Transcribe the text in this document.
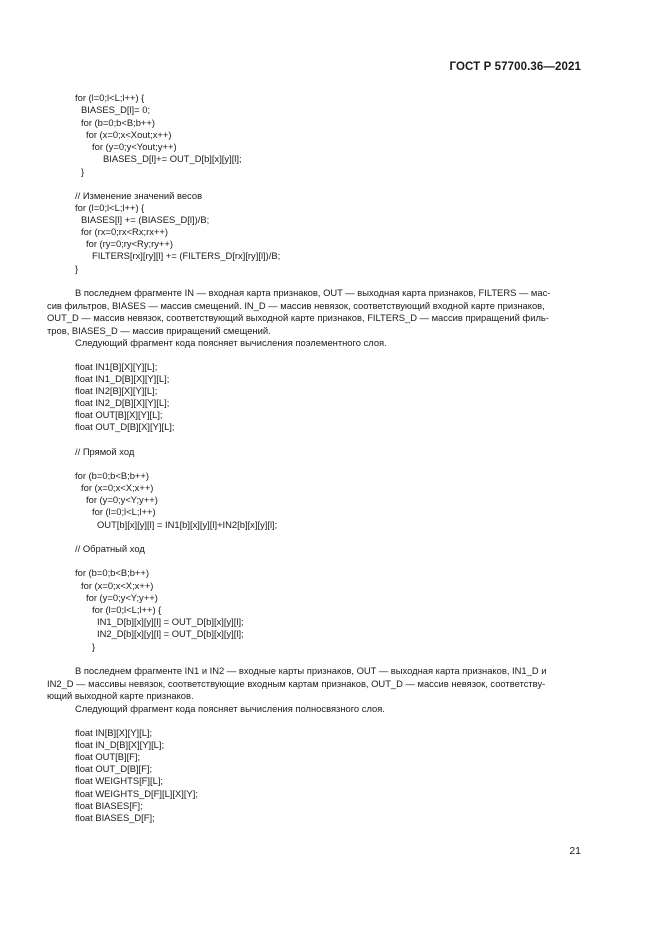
ГОСТ Р 57700.36—2021
for (l=0;l<L;l++) {
BIASES_D[l]= 0;
for (b=0;b<B;b++)
for (x=0;x<Xout;x++)
for (y=0;y<Yout;y++)
BIASES_D[l]+= OUT_D[b][x][y][l];
}
// Изменение значений весов
for (l=0;l<L;l++) {
BIASES[l] += (BIASES_D[l])/B;
for (rx=0;rx<Rx;rx++)
for (ry=0;ry<Ry;ry++)
FILTERS[rx][ry][l] += (FILTERS_D[rx][ry][l])/B;
}
В последнем фрагменте IN — входная карта признаков, OUT — выходная карта признаков, FILTERS — мас-
сив фильтров, BIASES — массив смещений. IN_D — массив невязок, соответствующий входной карте признаков,
OUT_D — массив невязок, соответствующий выходной карте признаков, FILTERS_D — массив приращений филь-
тров, BIASES_D — массив приращений смещений.
Следующий фрагмент кода поясняет вычисления поэлементного слоя.
float IN1[B][X][Y][L];
float IN1_D[B][X][Y][L];
float IN2[B][X][Y][L];
float IN2_D[B][X][Y][L];
float OUT[B][X][Y][L];
float OUT_D[B][X][Y][L];
// Прямой ход
for (b=0;b<B;b++)
for (x=0;x<X;x++)
for (y=0;y<Y;y++)
for (l=0;l<L;l++)
OUT[b][x][y][l] = IN1[b][x][y][l]+IN2[b][x][y][l];
// Обратный ход
for (b=0;b<B;b++)
for (x=0;x<X;x++)
for (y=0;y<Y;y++)
for (l=0;l<L;l++) {
IN1_D[b][x][y][l] = OUT_D[b][x][y][l];
IN2_D[b][x][y][l] = OUT_D[b][x][y][l];
}
В последнем фрагменте IN1 и IN2 — входные карты признаков, OUT — выходная карта признаков, IN1_D и
IN2_D — массивы невязок, соответствующие входным картам признаков, OUT_D — массив невязок, соответству-
ющий выходной карте признаков.
Следующий фрагмент кода поясняет вычисления полносвязного слоя.
float IN[B][X][Y][L];
float IN_D[B][X][Y][L];
float OUT[B][F];
float OUT_D[B][F];
float WEIGHTS[F][L];
float WEIGHTS_D[F][L][X][Y];
float BIASES[F];
float BIASES_D[F];
21
